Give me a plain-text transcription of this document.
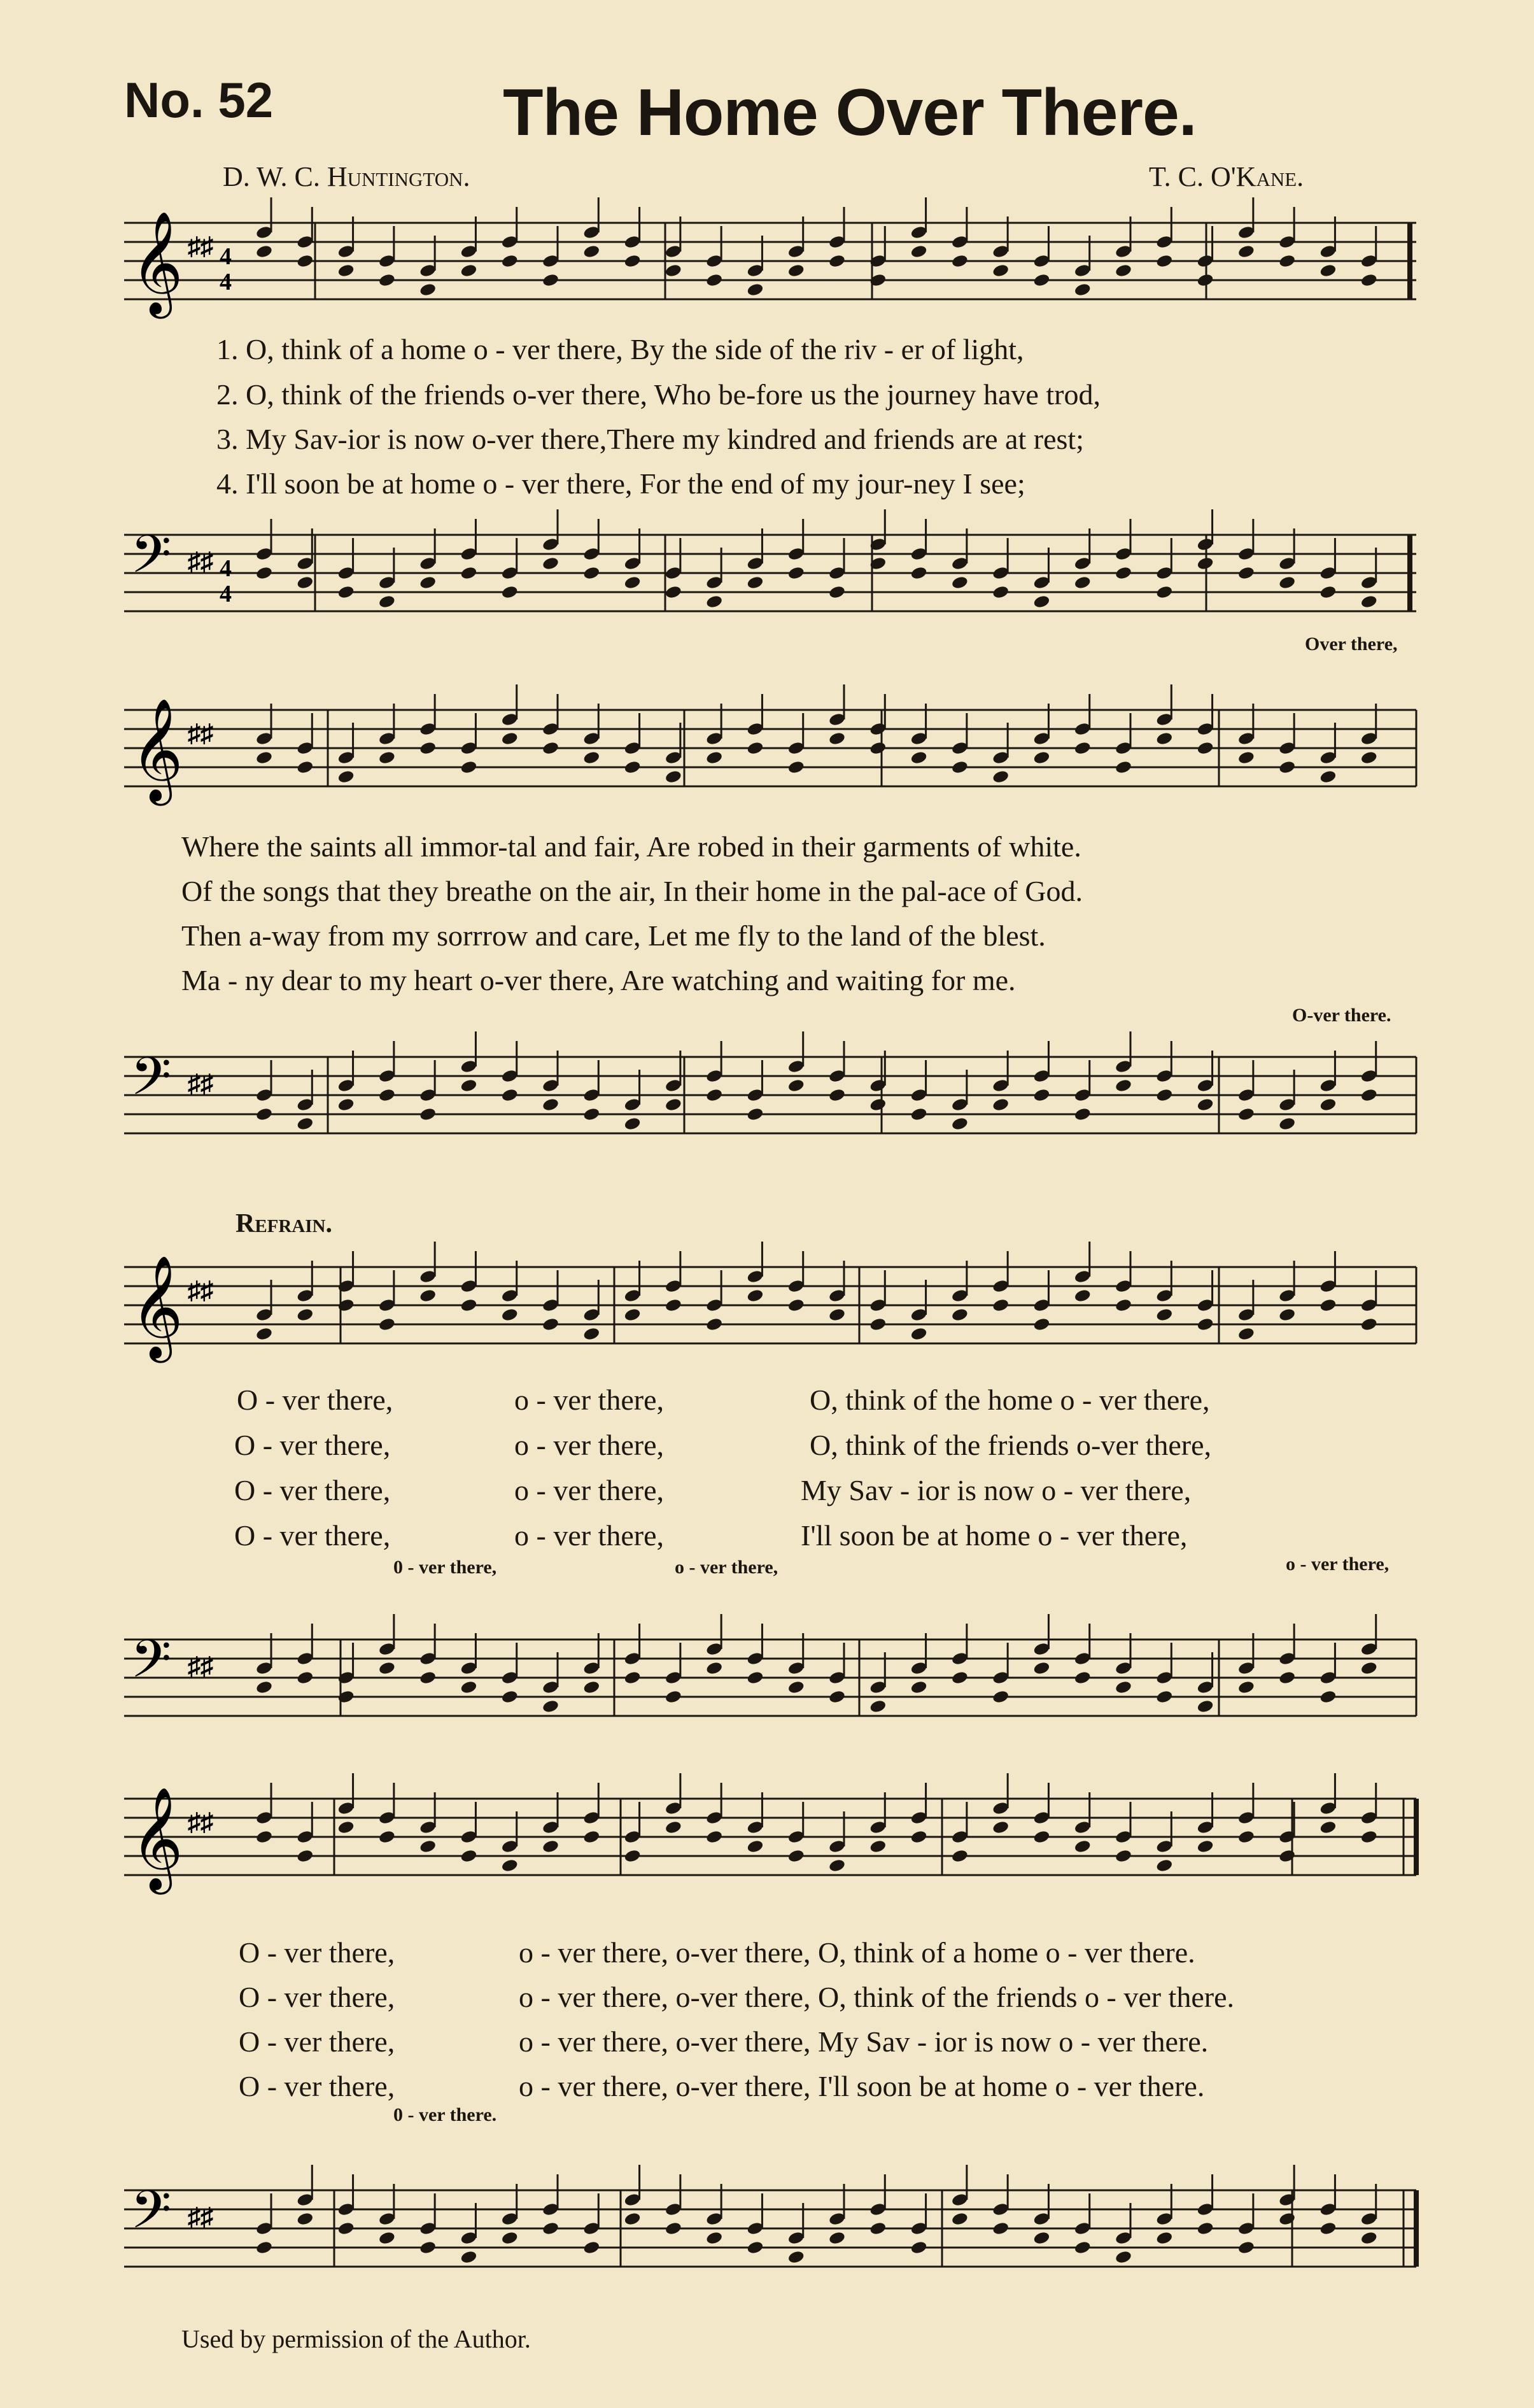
No. 52	The Home Over There.
D. W. C. Huntington.	T. C. O'Kane.
𝄞 ♯♯ 4
4
1. O, think of a home o - ver there, By the side of the riv - er of light,
2. O, think of the friends o-ver there, Who be-fore us the journey have trod,
3. My Sav-ior is now o-ver there,There my kindred and friends are at rest;
4. I'll soon be at home o - ver there, For the end of my jour-ney I see;
𝄢 ♯♯ 4
4
Over there,
𝄞 ♯♯
Where the saints all immor-tal and fair, Are robed in their garments of white.
Of the songs that they breathe on the air, In their home in the pal-ace of God.
Then a-way from my sorrrow and care, Let me fly to the land of the blest.
Ma - ny dear to my heart o-ver there, Are watching and waiting for me.
O-ver there.
𝄢 ♯♯
Refrain.
𝄞 ♯♯
O - ver there,	o - ver there,	O, think of the home o - ver there,
O - ver there,	o - ver there,	O, think of the friends o-ver there,
O - ver there,	o - ver there,	My Sav - ior is now o - ver there,
O - ver there,	o - ver there,	I'll soon be at home o - ver there,
0 - ver there,	o - ver there,	o - ver there,
𝄢 ♯♯
𝄞 ♯♯
O - ver there,	o - ver there, o-ver there, O, think of a home o - ver there.
O - ver there,	o - ver there, o-ver there, O, think of the friends o - ver there.
O - ver there,	o - ver there, o-ver there, My Sav - ior is now o - ver there.
O - ver there,	o - ver there, o-ver there, I'll soon be at home o - ver there.
0 - ver there.
𝄢 ♯♯
Used by permission of the Author.
